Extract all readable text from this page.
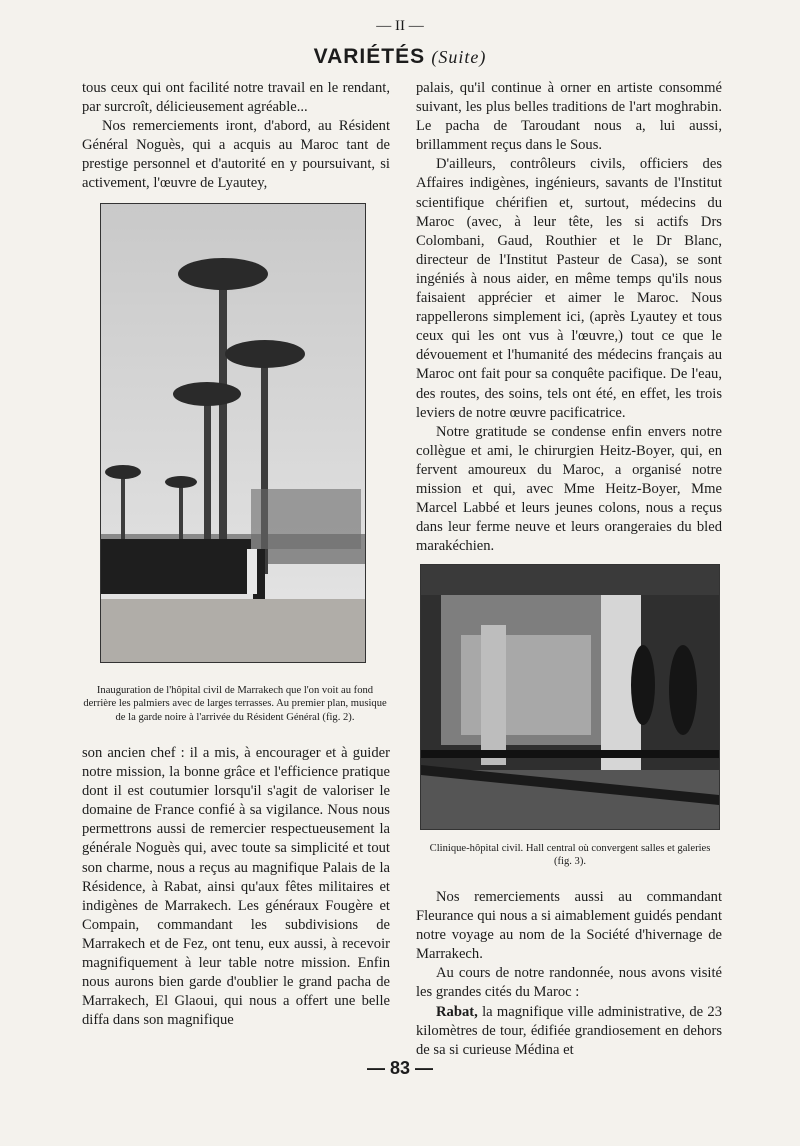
— II —
VARIÉTÉS (Suite)

tous ceux qui ont facilité notre travail en le rendant, par surcroît, délicieusement agréable...

Nos remerciements iront, d'abord, au Résident Général Noguès, qui a acquis au Maroc tant de prestige personnel et d'autorité en y poursuivant, si activement, l'œuvre de Lyautey,

Inauguration de l'hôpital civil de Marrakech que l'on voit au fond derrière les palmiers avec de larges terrasses. Au premier plan, musique de la garde noire à l'arrivée du Résident Général (fig. 2).

son ancien chef : il a mis, à encourager et à guider notre mission, la bonne grâce et l'efficience pratique dont il est coutumier lorsqu'il s'agit de valoriser le domaine de France confié à sa vigilance. Nous nous permettrons aussi de remercier respectueusement la générale Noguès qui, avec toute sa simplicité et tout son charme, nous a reçus au magnifique Palais de la Résidence, à Rabat, ainsi qu'aux fêtes militaires et indigènes de Marrakech. Les généraux Fougère et Compain, commandant les subdivisions de Marrakech et de Fez, ont tenu, eux aussi, à recevoir magnifiquement à leur table notre mission. Enfin nous aurons bien garde d'oublier le grand pacha de Marrakech, El Glaoui, qui nous a offert une belle diffa dans son magnifique

palais, qu'il continue à orner en artiste consommé suivant, les plus belles traditions de l'art moghrabin. Le pacha de Taroudant nous a, lui aussi, brillamment reçus dans le Sous.

D'ailleurs, contrôleurs civils, officiers des Affaires indigènes, ingénieurs, savants de l'Institut scientifique chérifien et, surtout, médecins du Maroc (avec, à leur tête, les si actifs Drs Colombani, Gaud, Routhier et le Dr Blanc, directeur de l'Institut Pasteur de Casa), se sont ingéniés à nous aider, en même temps qu'ils nous faisaient apprécier et aimer le Maroc. Nous rappellerons simplement ici, (après Lyautey et tous ceux qui les ont vus à l'œuvre,) tout ce que le dévouement et l'humanité des médecins français au Maroc ont fait pour sa conquête pacifique. De l'eau, des routes, des soins, tels ont été, en effet, les trois leviers de notre œuvre pacificatrice.

Notre gratitude se condense enfin envers notre collègue et ami, le chirurgien Heitz-Boyer, qui, en fervent amoureux du Maroc, a organisé notre mission et qui, avec Mme Heitz-Boyer, Mme Marcel Labbé et leurs jeunes colons, nous a reçus dans leur ferme neuve et leurs orangeraies du bled marakéchien.

Clinique-hôpital civil. Hall central où convergent salles et galeries (fig. 3).

Nos remerciements aussi au commandant Fleurance qui nous a si aimablement guidés pendant notre voyage au nom de la Société d'hivernage de Marrakech.

Au cours de notre randonnée, nous avons visité les grandes cités du Maroc :

Rabat, la magnifique ville administrative, de 23 kilomètres de tour, édifiée grandiosement en dehors de sa si curieuse Médina et

— 83 —
